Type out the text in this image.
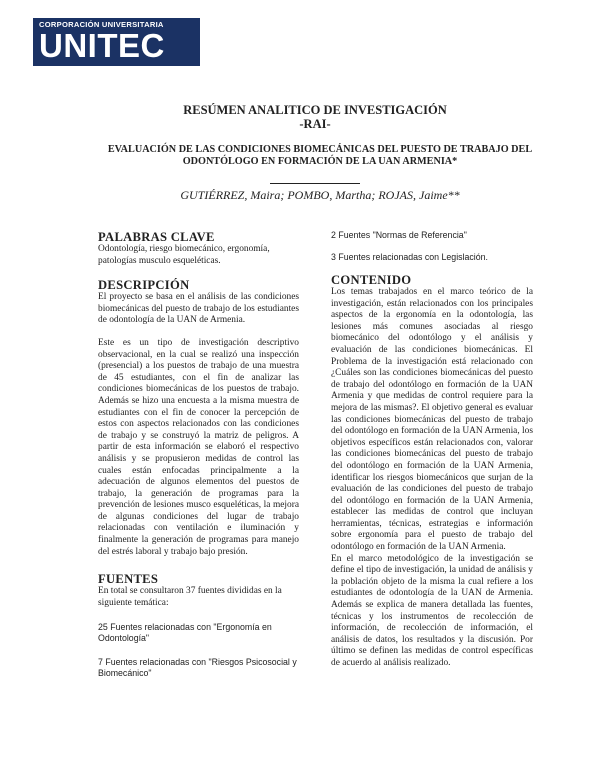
CORPORACIÓN UNIVERSITARIA
UNITEC
RESÚMEN ANALITICO DE INVESTIGACIÓN
-RAI-
EVALUACIÓN DE LAS CONDICIONES BIOMECÁNICAS DEL PUESTO DE TRABAJO DEL
ODONTÓLOGO EN FORMACIÓN DE LA UAN ARMENIA*
GUTIÉRREZ, Maira; POMBO, Martha; ROJAS, Jaime**
PALABRAS CLAVE

Odontología, riesgo biomecánico, ergonomía, patologías musculo esqueléticas.

DESCRIPCIÓN

El proyecto se basa en el análisis de las condiciones biomecánicas del puesto de trabajo de los estudiantes de odontología de la UAN de Armenia.

Este es un tipo de investigación descriptivo observacional, en la cual se realizó una inspección (presencial) a los puestos de trabajo de una muestra de 45 estudiantes, con el fin de analizar las condiciones biomecánicas de los puestos de trabajo. Además se hizo una encuesta a la misma muestra de estudiantes con el fin de conocer la percepción de estos con aspectos relacionados con las condiciones de trabajo y se construyó la matriz de peligros. A partir de esta información se elaboró el respectivo análisis y se propusieron medidas de control las cuales están enfocadas principalmente a la adecuación de algunos elementos del puestos de trabajo, la generación de programas para la prevención de lesiones musco esqueléticas, la mejora de algunas condiciones del lugar de trabajo relacionadas con ventilación e iluminación y finalmente la generación de programas para manejo del estrés laboral y trabajo bajo presión.

FUENTES

En total se consultaron 37 fuentes divididas en la siguiente temática:

25 Fuentes relacionadas con "Ergonomía en Odontología"

7 Fuentes relacionadas con "Riesgos Psicosocial y Biomecánico"

2 Fuentes "Normas de Referencia"

3 Fuentes relacionadas con Legislación.

CONTENIDO

Los temas trabajados en el marco teórico de la investigación, están relacionados con los principales aspectos de la ergonomía en la odontología, las lesiones más comunes asociadas al riesgo biomecánico del odontólogo y el análisis y evaluación de las condiciones biomecánicas. El Problema de la investigación está relacionado con ¿Cuáles son las condiciones biomecánicas del puesto de trabajo del odontólogo en formación de la UAN Armenia y que medidas de control requiere para la mejora de las mismas?. El objetivo general es evaluar las condiciones biomecánicas del puesto de trabajo del odontólogo en formación de la UAN Armenia, los objetivos específicos están relacionados con, valorar las condiciones biomecánicas del puesto de trabajo del odontólogo en formación de la UAN Armenia, identificar los riesgos biomecánicos que surjan de la evaluación de las condiciones del puesto de trabajo del odontólogo en formación de la UAN Armenia, establecer las medidas de control que incluyan herramientas, técnicas, estrategias e información sobre ergonomía para el puesto de trabajo del odontólogo en formación de la UAN Armenia.

En el marco metodológico de la investigación se define el tipo de investigación, la unidad de análisis y la población objeto de la misma la cual refiere a los estudiantes de odontología de la UAN de Armenia. Además se explica de manera detallada las fuentes, técnicas y los instrumentos de recolección de información, de recolección de información, el análisis de datos, los resultados y la discusión. Por último se definen las medidas de control específicas de acuerdo al análisis realizado.
